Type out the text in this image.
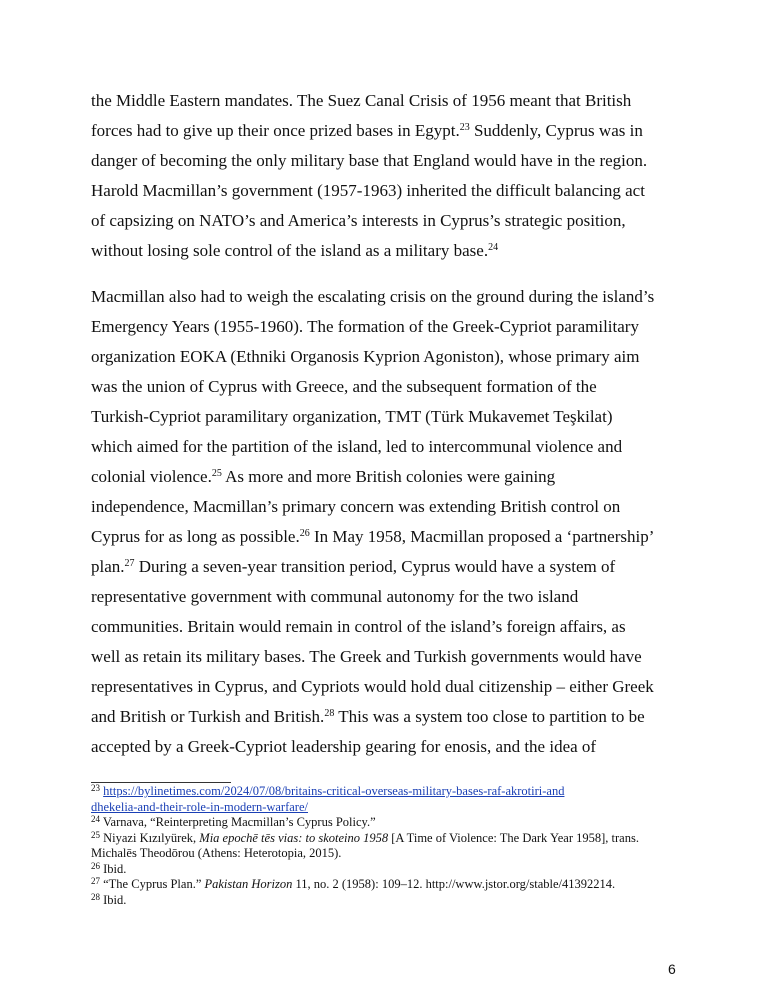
the Middle Eastern mandates. The Suez Canal Crisis of 1956 meant that British
forces had to give up their once prized bases in Egypt.$^{23}$ Suddenly, Cyprus was in
danger of becoming the only military base that England would have in the region.
Harold Macmillan’s government (1957-1963) inherited the difficult balancing act
of capsizing on NATO’s and America’s interests in Cyprus’s strategic position,
without losing sole control of the island as a military base.$^{24}$
Macmillan also had to weigh the escalating crisis on the ground during the island’s
Emergency Years (1955-1960). The formation of the Greek-Cypriot paramilitary
organization EOKA (Ethniki Organosis Kyprion Agoniston), whose primary aim
was the union of Cyprus with Greece, and the subsequent formation of the
Turkish-Cypriot paramilitary organization, TMT (Türk Mukavemet Teşkilat)
which aimed for the partition of the island, led to intercommunal violence and
colonial violence.$^{25}$ As more and more British colonies were gaining
independence, Macmillan’s primary concern was extending British control on
Cyprus for as long as possible.$^{26}$ In May 1958, Macmillan proposed a ‘partnership’
plan.$^{27}$ During a seven-year transition period, Cyprus would have a system of
representative government with communal autonomy for the two island
communities. Britain would remain in control of the island’s foreign affairs, as
well as retain its military bases. The Greek and Turkish governments would have
representatives in Cyprus, and Cypriots would hold dual citizenship – either Greek
and British or Turkish and British.$^{28}$ This was a system too close to partition to be
accepted by a Greek-Cypriot leadership gearing for enosis, and the idea of
$^{23}$ https://bylinetimes.com/2024/07/08/britains-critical-overseas-military-bases-raf-akrotiri-and
dhekelia-and-their-role-in-modern-warfare/
$^{24}$ Varnava, “Reinterpreting Macmillan’s Cyprus Policy.”
$^{25}$ Niyazi Kızılyürek, Mia epochē tēs vias: to skoteino 1958 [A Time of Violence: The Dark Year 1958], trans.
Michalēs Theodōrou (Athens: Heterotopia, 2015).
$^{26}$ Ibid.
$^{27}$ “The Cyprus Plan.” Pakistan Horizon 11, no. 2 (1958): 109–12. http://www.jstor.org/stable/41392214.
$^{28}$ Ibid.
6
